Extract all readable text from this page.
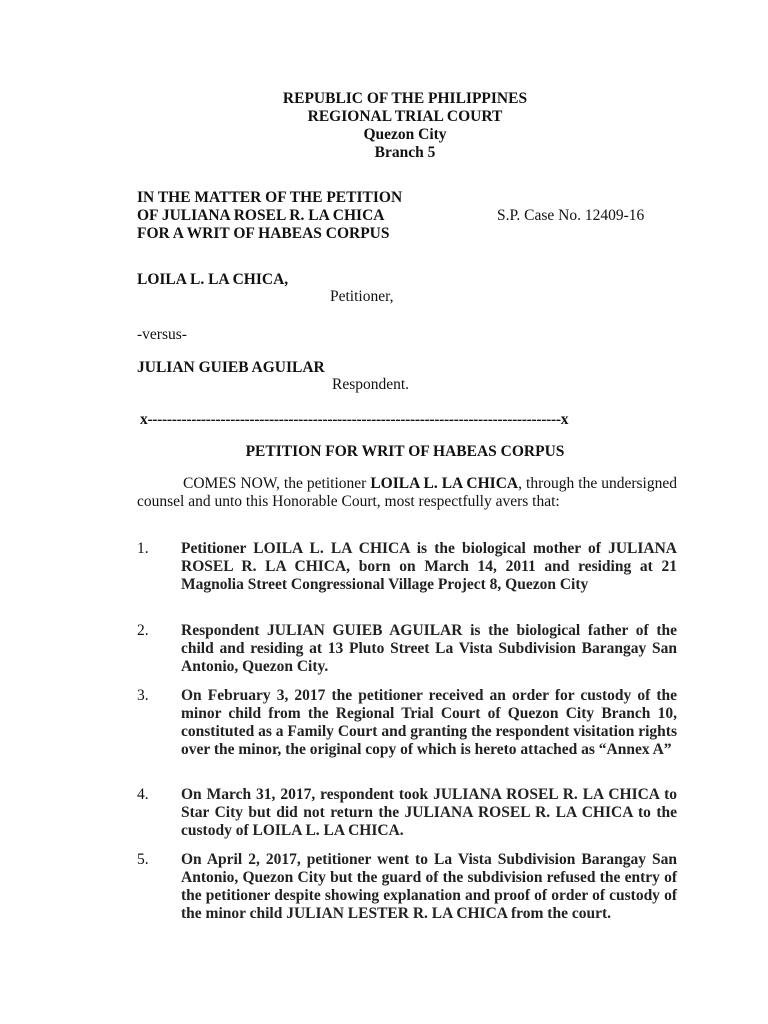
REPUBLIC OF THE PHILIPPINES
REGIONAL TRIAL COURT
Quezon City
Branch 5
IN THE MATTER OF THE PETITION
OF JULIANA ROSEL R. LA CHICA
FOR A WRIT OF HABEAS CORPUS
S.P. Case No. 12409-16
LOILA L. LA CHICA,
Petitioner,
-versus-
JULIAN GUIEB AGUILAR
Respondent.
x-------------------------------------------------------------------------------------x
PETITION FOR WRIT OF HABEAS CORPUS
COMES NOW, the petitioner LOILA L. LA CHICA, through the undersigned counsel and unto this Honorable Court, most respectfully avers that:
1. Petitioner LOILA L. LA CHICA is the biological mother of JULIANA ROSEL R. LA CHICA, born on March 14, 2011 and residing at 21 Magnolia Street Congressional Village Project 8, Quezon City
2. Respondent JULIAN GUIEB AGUILAR is the biological father of the child and residing at 13 Pluto Street La Vista Subdivision Barangay San Antonio, Quezon City.
3. On February 3, 2017 the petitioner received an order for custody of the minor child from the Regional Trial Court of Quezon City Branch 10, constituted as a Family Court and granting the respondent visitation rights over the minor, the original copy of which is hereto attached as “Annex A”
4. On March 31, 2017, respondent took JULIANA ROSEL R. LA CHICA to Star City but did not return the JULIANA ROSEL R. LA CHICA to the custody of LOILA L. LA CHICA.
5. On April 2, 2017, petitioner went to La Vista Subdivision Barangay San Antonio, Quezon City but the guard of the subdivision refused the entry of the petitioner despite showing explanation and proof of order of custody of the minor child JULIAN LESTER R. LA CHICA from the court.
